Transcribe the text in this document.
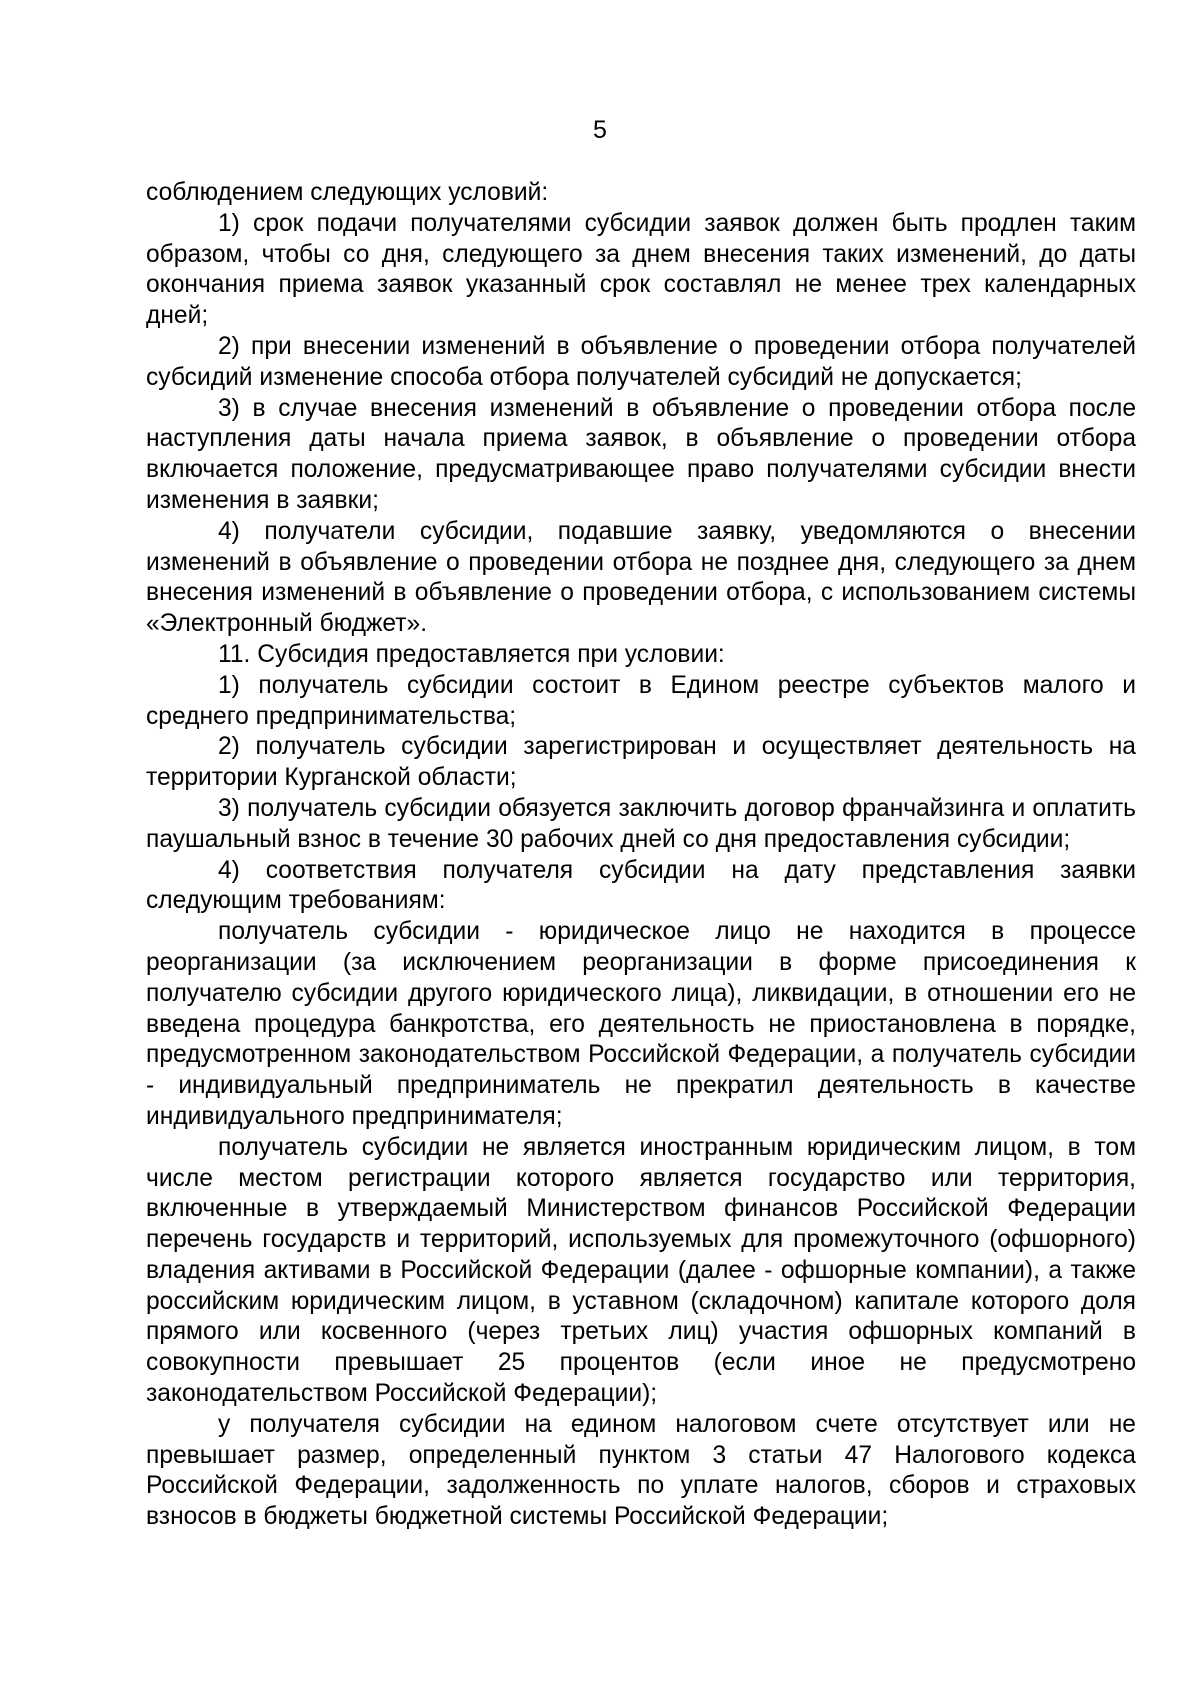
5

соблюдением следующих условий:

1) срок подачи получателями субсидии заявок должен быть продлен таким образом, чтобы со дня, следующего за днем внесения таких изменений, до даты окончания приема заявок указанный срок составлял не менее трех календарных дней;

2) при внесении изменений в объявление о проведении отбора получателей субсидий изменение способа отбора получателей субсидий не допускается;

3) в случае внесения изменений в объявление о проведении отбора после наступления даты начала приема заявок, в объявление о проведении отбора включается положение, предусматривающее право получателями субсидии внести изменения в заявки;

4) получатели субсидии, подавшие заявку, уведомляются о внесении изменений в объявление о проведении отбора не позднее дня, следующего за днем внесения изменений в объявление о проведении отбора, с использованием системы «Электронный бюджет».

11. Субсидия предоставляется при условии:

1) получатель субсидии состоит в Едином реестре субъектов малого и среднего предпринимательства;

2) получатель субсидии зарегистрирован и осуществляет деятельность на территории Курганской области;

3) получатель субсидии обязуется заключить договор франчайзинга и оплатить паушальный взнос в течение 30 рабочих дней со дня предоставления субсидии;

4) соответствия получателя субсидии на дату представления заявки следующим требованиям:

получатель субсидии - юридическое лицо не находится в процессе реорганизации (за исключением реорганизации в форме присоединения к получателю субсидии другого юридического лица), ликвидации, в отношении его не введена процедура банкротства, его деятельность не приостановлена в порядке, предусмотренном законодательством Российской Федерации, а получатель субсидии - индивидуальный предприниматель не прекратил деятельность в качестве индивидуального предпринимателя;

получатель субсидии не является иностранным юридическим лицом, в том числе местом регистрации которого является государство или территория, включенные в утверждаемый Министерством финансов Российской Федерации перечень государств и территорий, используемых для промежуточного (офшорного) владения активами в Российской Федерации (далее - офшорные компании), а также российским юридическим лицом, в уставном (складочном) капитале которого доля прямого или косвенного (через третьих лиц) участия офшорных компаний в совокупности превышает 25 процентов (если иное не предусмотрено законодательством Российской Федерации);

у получателя субсидии на едином налоговом счете отсутствует или не превышает размер, определенный пунктом 3 статьи 47 Налогового кодекса Российской Федерации, задолженность по уплате налогов, сборов и страховых взносов в бюджеты бюджетной системы Российской Федерации;
